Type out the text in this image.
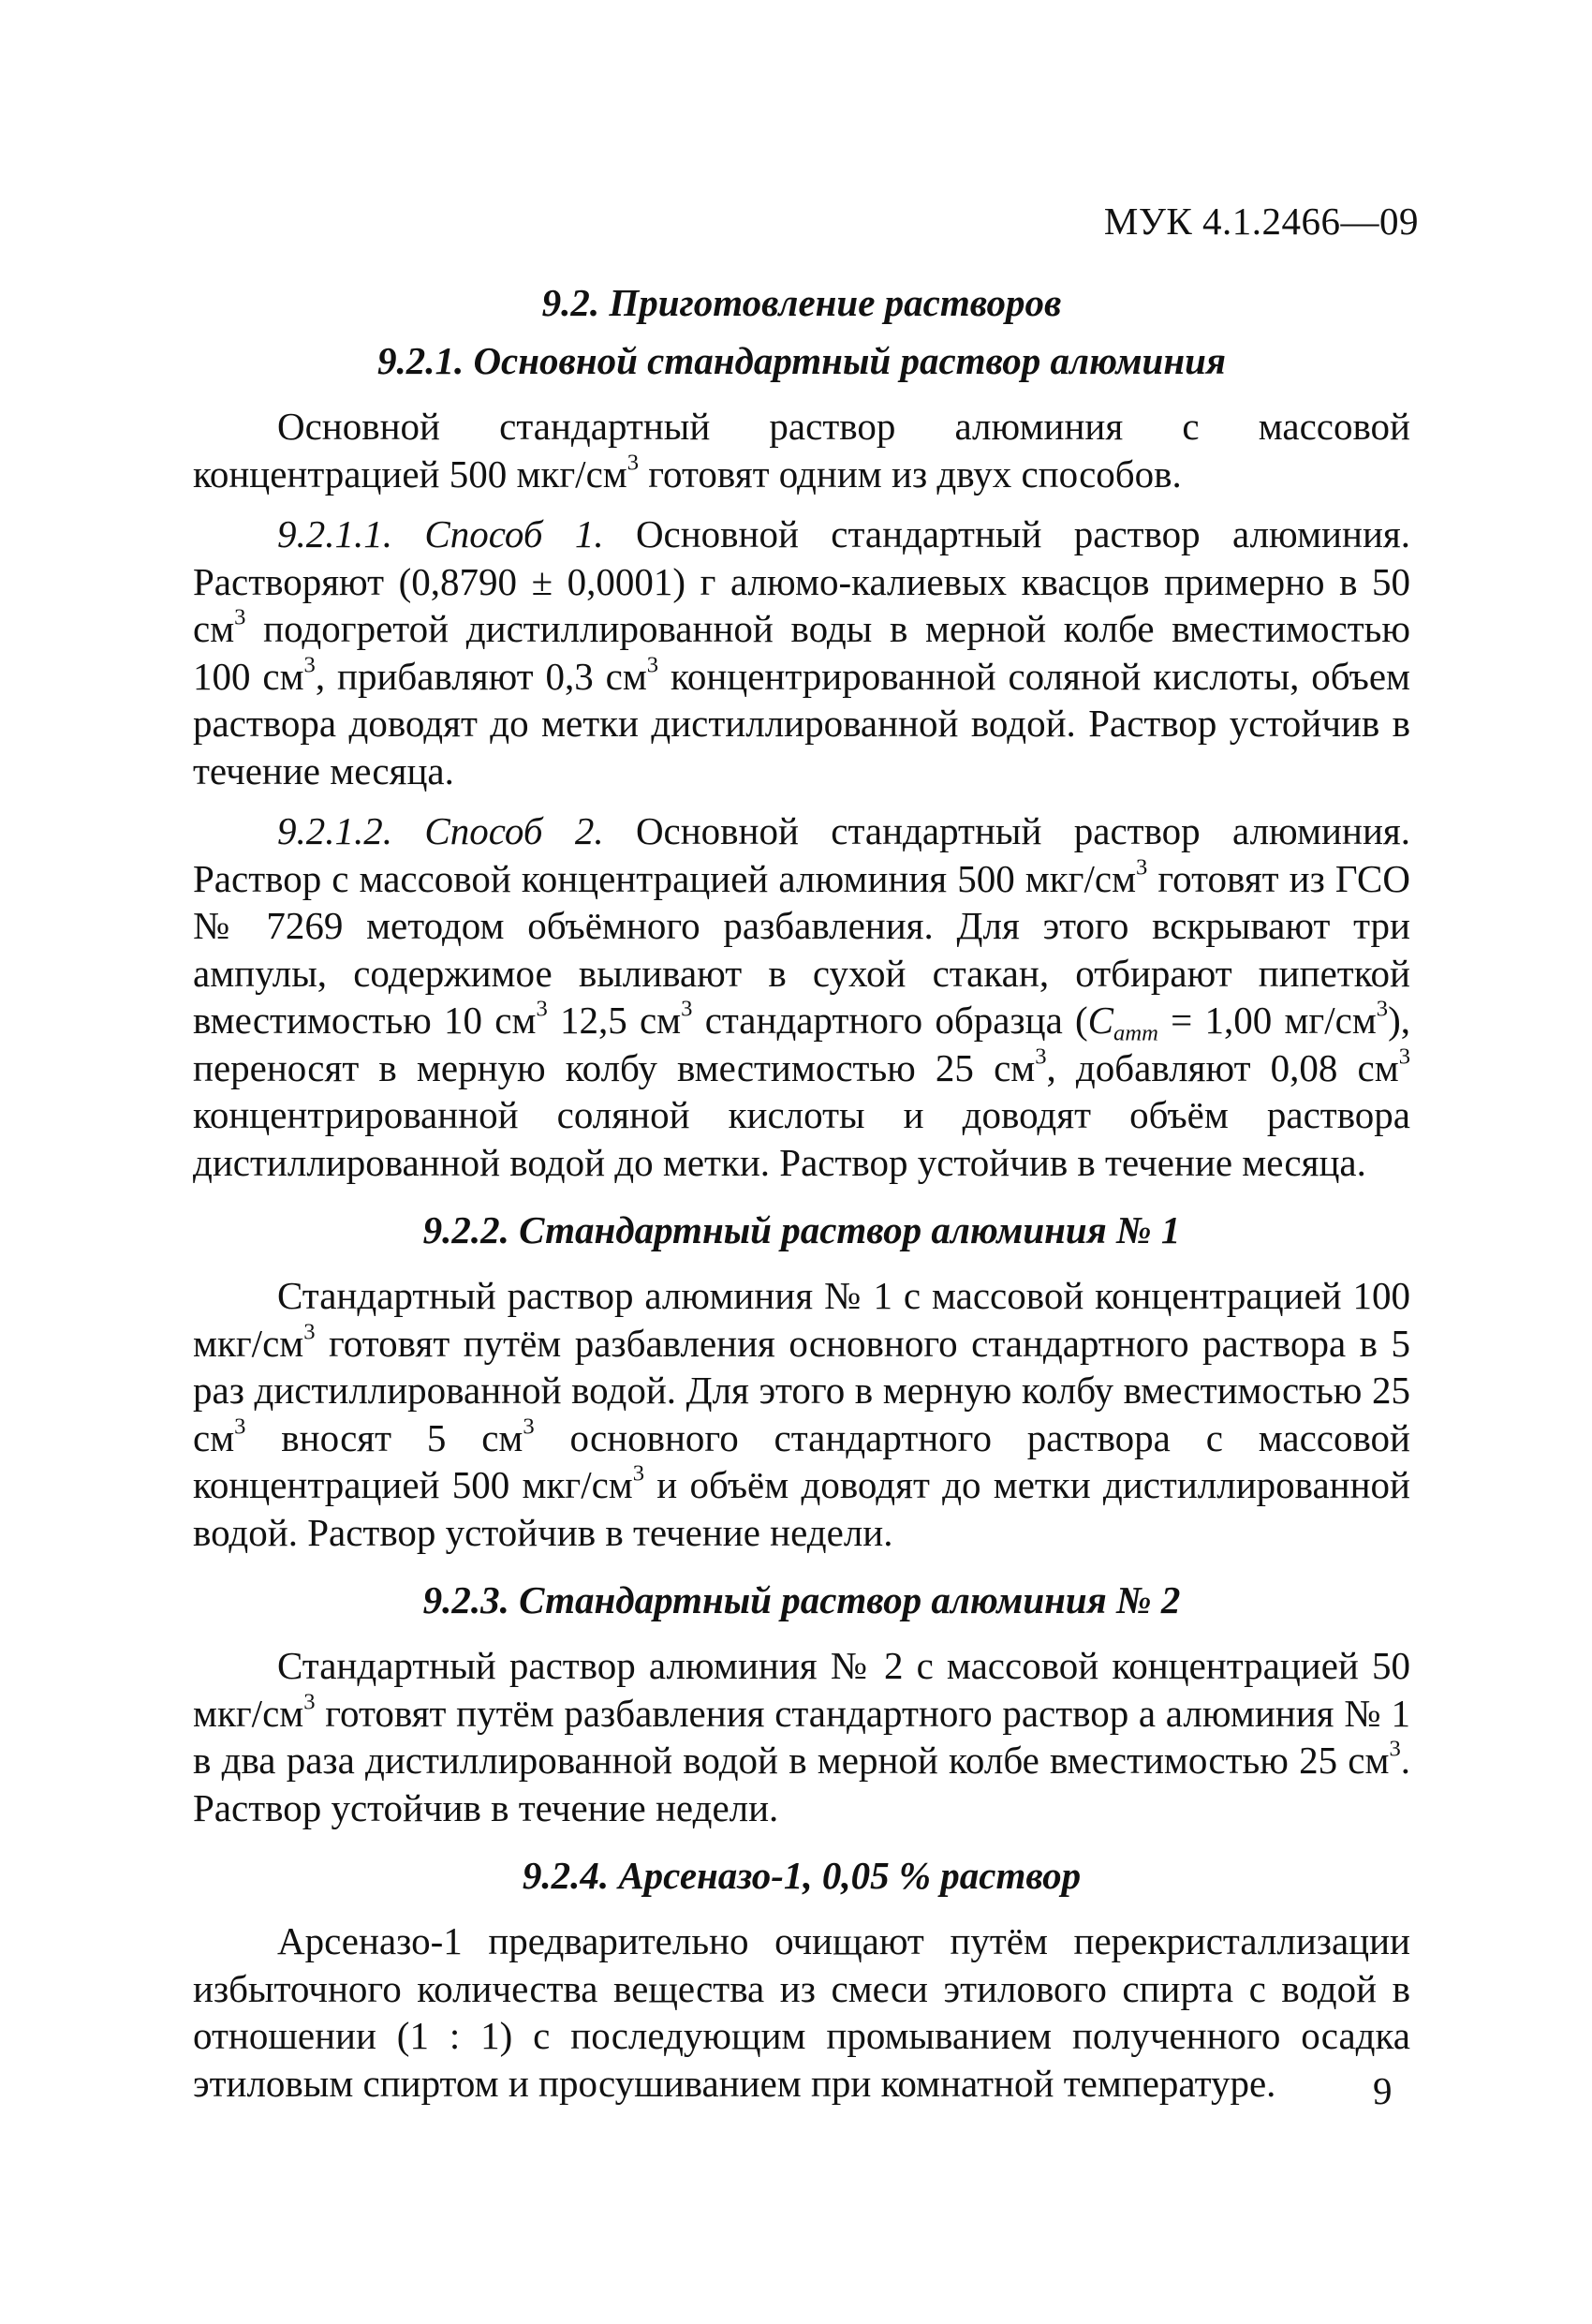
МУК 4.1.2466—09
9.2. Приготовление растворов
9.2.1. Основной стандартный раствор алюминия

Основной стандартный раствор алюминия с массовой концентрацией 500 мкг/$см^3$ готовят одним из двух способов.

9.2.1.1. Способ 1. Основной стандартный раствор алюминия. Растворяют (0,8790 ± 0,0001) г алюмо-калиевых квасцов примерно в 50 $см^3$ подогретой дистиллированной воды в мерной колбе вместимостью 100 $см^3$, прибавляют 0,3 $см^3$ концентрированной соляной кислоты, объем раствора доводят до метки дистиллированной водой. Раствор устойчив в течение месяца.

9.2.1.2. Способ 2. Основной стандартный раствор алюминия. Раствор с массовой концентрацией алюминия 500 мкг/$см^3$ готовят из ГСО № 7269 методом объёмного разбавления. Для этого вскрывают три ампулы, содержимое выливают в сухой стакан, отбирают пипеткой вместимостью 10 $см^3$ 12,5 $см^3$ стандартного образца ($C_{атт} = 1,00$ $мг/см^3$), переносят в мерную колбу вместимостью 25 $см^3$, добавляют 0,08 $см^3$ концентрированной соляной кислоты и доводят объём раствора дистиллированной водой до метки. Раствор устойчив в течение месяца.

9.2.2. Стандартный раствор алюминия № 1

Стандартный раствор алюминия № 1 с массовой концентрацией 100 мкг/$см^3$ готовят путём разбавления основного стандартного раствора в 5 раз дистиллированной водой. Для этого в мерную колбу вместимостью 25 $см^3$ вносят 5 $см^3$ основного стандартного раствора с массовой концентрацией 500 мкг/$см^3$ и объём доводят до метки дистиллированной водой. Раствор устойчив в течение недели.

9.2.3. Стандартный раствор алюминия № 2

Стандартный раствор алюминия № 2 с массовой концентрацией 50 мкг/$см^3$ готовят путём разбавления стандартного раствор а алюминия № 1 в два раза дистиллированной водой в мерной колбе вместимостью 25 $см^3$. Раствор устойчив в течение недели.

9.2.4. Арсеназо-1, 0,05 % раствор

Арсеназо-1 предварительно очищают путём перекристаллизации избыточного количества вещества из смеси этилового спирта с водой в отношении (1 : 1) с последующим промыванием полученного осадка этиловым спиртом и просушиванием при комнатной температуре.	9
